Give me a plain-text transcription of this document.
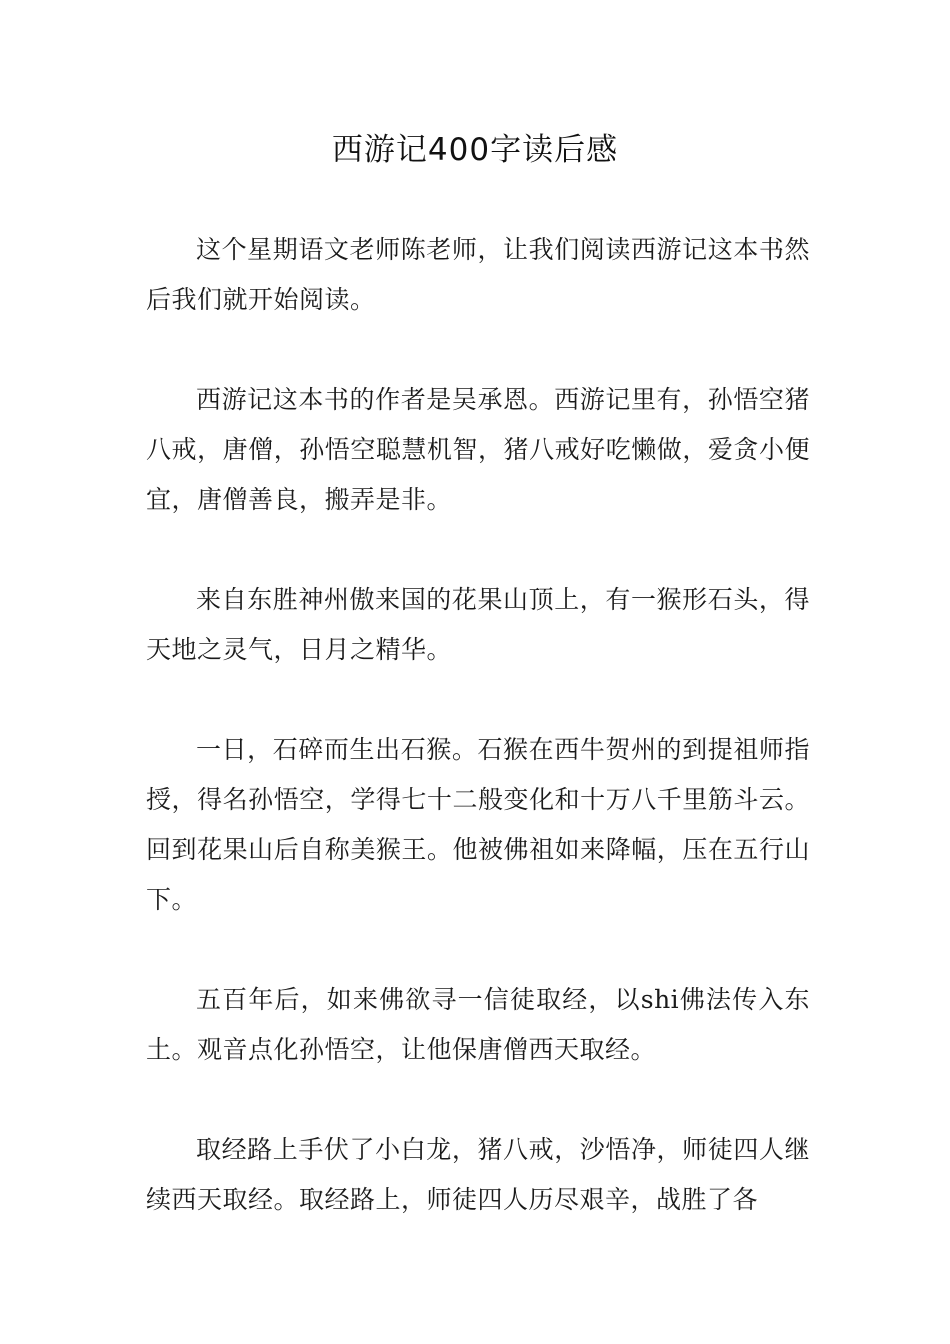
西游记400字读后感

这个星期语文老师陈老师，让我们阅读西游记这本书然后我们就开始阅读。

西游记这本书的作者是吴承恩。西游记里有，孙悟空猪八戒，唐僧，孙悟空聪慧机智，猪八戒好吃懒做，爱贪小便宜，唐僧善良，搬弄是非。

来自东胜神州傲来国的花果山顶上，有一猴形石头，得天地之灵气，日月之精华。

一日，石碎而生出石猴。石猴在西牛贺州的到提祖师指授，得名孙悟空，学得七十二般变化和十万八千里筋斗云。回到花果山后自称美猴王。他被佛祖如来降幅，压在五行山下。

五百年后，如来佛欲寻一信徒取经，以shi佛法传入东土。观音点化孙悟空，让他保唐僧西天取经。

取经路上手伏了小白龙，猪八戒，沙悟净，师徒四人继续西天取经。取经路上，师徒四人历尽艰辛，战胜了各
